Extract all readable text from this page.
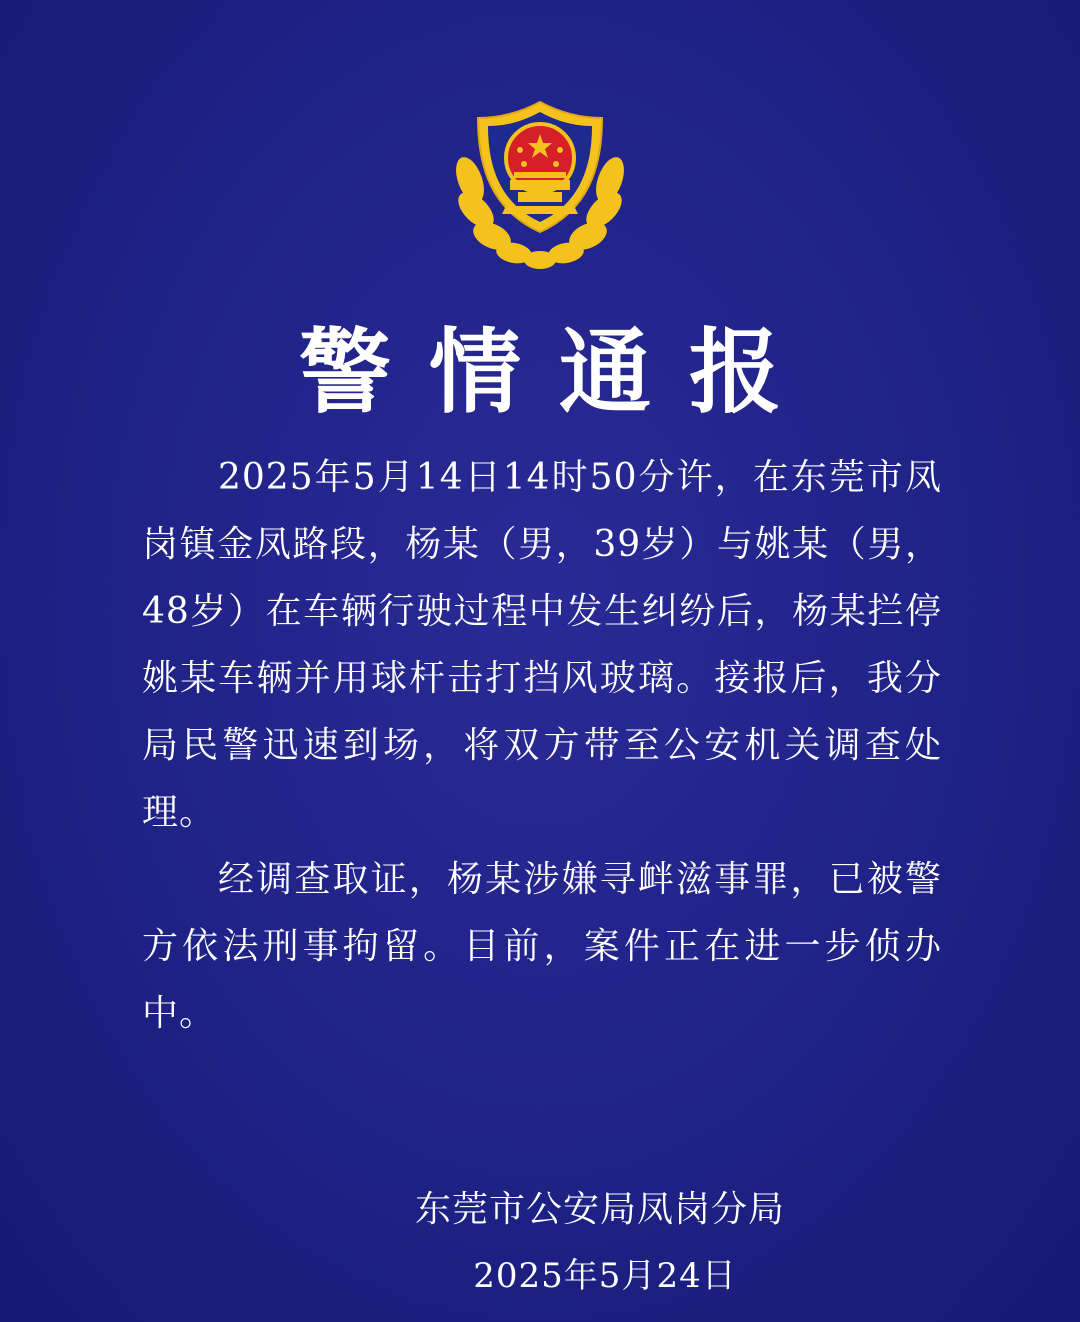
警情通报

2025年5月14日14时50分许，在东莞市凤岗镇金凤路段，杨某（男，39岁）与姚某（男，48岁）在车辆行驶过程中发生纠纷后，杨某拦停姚某车辆并用球杆击打挡风玻璃。接报后，我分局民警迅速到场，将双方带至公安机关调查处理。

经调查取证，杨某涉嫌寻衅滋事罪，已被警方依法刑事拘留。目前，案件正在进一步侦办中。

东莞市公安局凤岗分局
2025年5月24日
